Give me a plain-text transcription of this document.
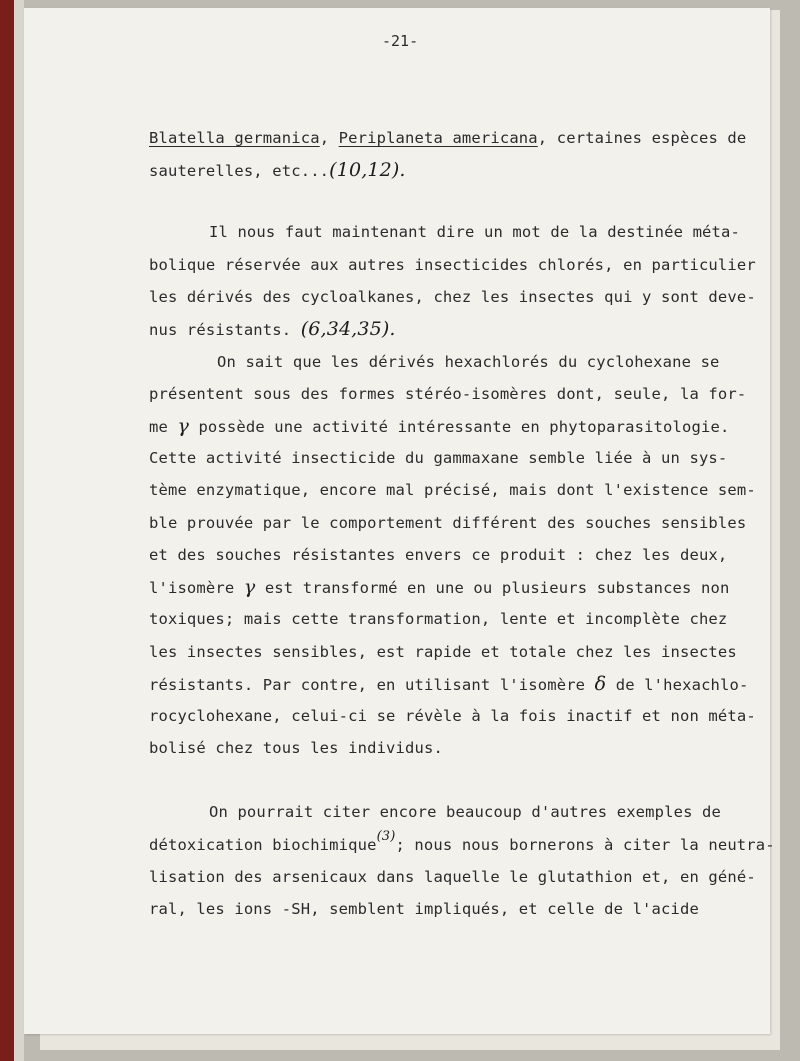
-21-
Blatella germanica, Periplaneta americana, certaines espèces de
sauterelles, etc...(10,12).
Il nous faut maintenant dire un mot de la destinée méta-
bolique réservée aux autres insecticides chlorés, en particulier
les dérivés des cycloalkanes, chez les insectes qui y sont deve-
nus résistants. (6,34,35).
On sait que les dérivés hexachlorés du cyclohexane se
présentent sous des formes stéréo-isomères dont, seule, la for-
me γ possède une activité intéressante en phytoparasitologie.
Cette activité insecticide du gammaxane semble liée à un sys-
tème enzymatique, encore mal précisé, mais dont l'existence sem-
ble prouvée par le comportement différent des souches sensibles
et des souches résistantes envers ce produit : chez les deux,
l'isomère γ est transformé en une ou plusieurs substances non
toxiques; mais cette transformation, lente et incomplète chez
les insectes sensibles, est rapide et totale chez les insectes
résistants. Par contre, en utilisant l'isomère δ de l'hexachlo-
rocyclohexane, celui-ci se révèle à la fois inactif et non méta-
bolisé chez tous les individus.
On pourrait citer encore beaucoup d'autres exemples de
détoxication biochimique$^{(3)}$; nous nous bornerons à citer la neutra-
lisation des arsenicaux dans laquelle le glutathion et, en géné-
ral, les ions -SH, semblent impliqués, et celle de l'acide
